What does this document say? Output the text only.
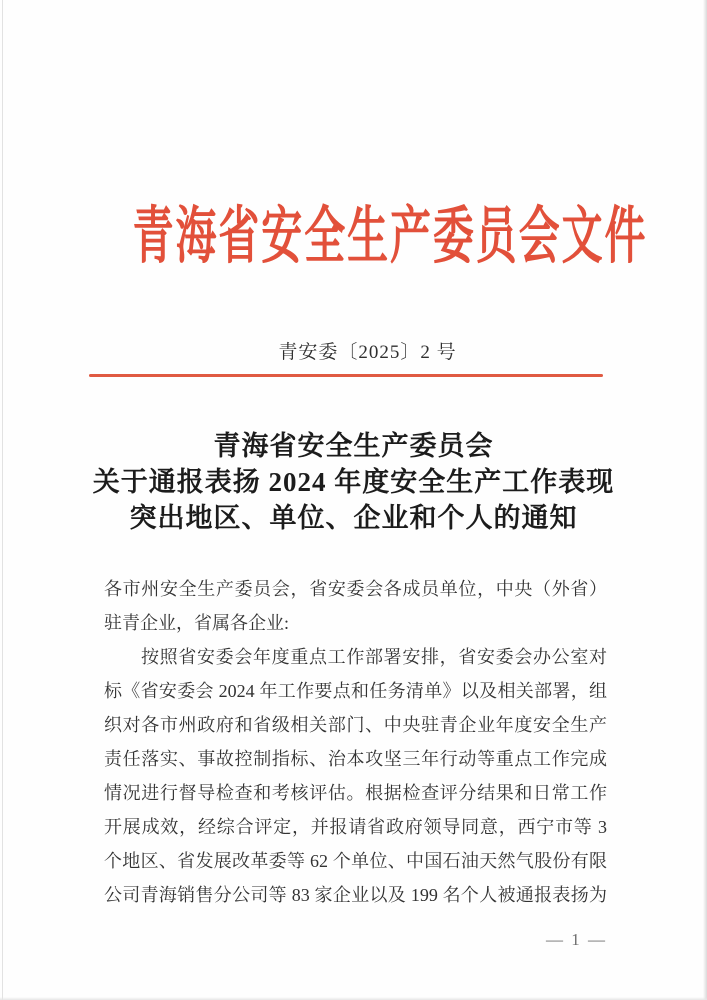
青海省安全生产委员会文件
青安委〔2025〕2 号
青海省安全生产委员会
关于通报表扬 2024 年度安全生产工作表现
突出地区、单位、企业和个人的通知
各市州安全生产委员会，省安委会各成员单位，中央（外省）
驻青企业，省属各企业:
按照省安委会年度重点工作部署安排，省安委会办公室对
标《省安委会 2024 年工作要点和任务清单》以及相关部署，组
织对各市州政府和省级相关部门、中央驻青企业年度安全生产
责任落实、事故控制指标、治本攻坚三年行动等重点工作完成
情况进行督导检查和考核评估。根据检查评分结果和日常工作
开展成效，经综合评定，并报请省政府领导同意，西宁市等 3
个地区、省发展改革委等 62 个单位、中国石油天然气股份有限
公司青海销售分公司等 83 家企业以及 199 名个人被通报表扬为
— 1 —
